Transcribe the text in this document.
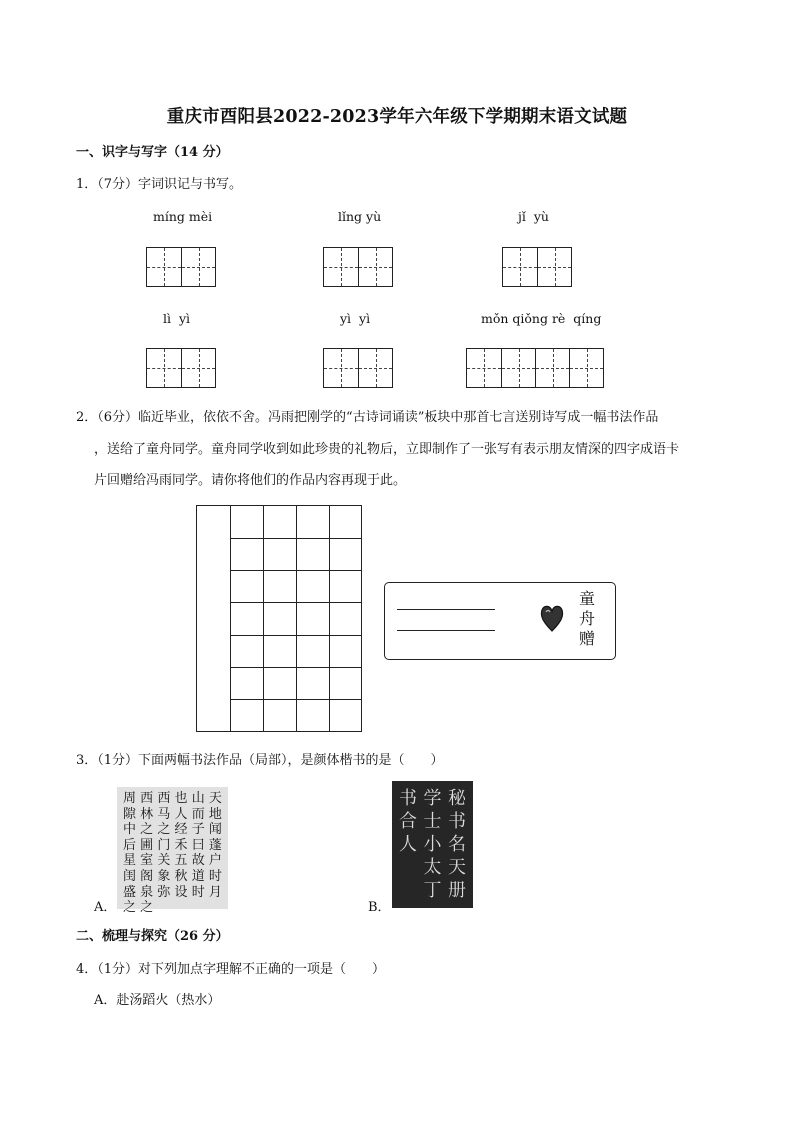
重庆市酉阳县2022-2023学年六年级下学期期末语文试题
一、识字与写字（14 分）
1．（7分）字词识记与书写。
míng mèi	lǐng yù	jǐ  yù
lì  yì	yì  yì	mǒn qiǒng rè  qíng
2．（6分）临近毕业，依依不舍。冯雨把刚学的“古诗词诵读”板块中那首七言送别诗写成一幅书法作品
，送给了童舟同学。童舟同学收到如此珍贵的礼物后，立即制作了一张写有表示朋友情深的四字成语卡
片回赠给冯雨同学。请你将他们的作品内容再现于此。
童舟赠
3．（1分）下面两幅书法作品（局部），是颜体楷书的是（　　）
周隙中后星闺盛之
西林之圃室阁泉之
西马之门关象弥
也人经禾五秋设
山而子曰故道时
天地闻蓬户时月
A．
书合人
学士小太丁
秘书名天册
B．
二、梳理与探究（26 分）
4．（1分）对下列加点字理解不正确的一项是（　　）
A．赴汤蹈火（热水）
